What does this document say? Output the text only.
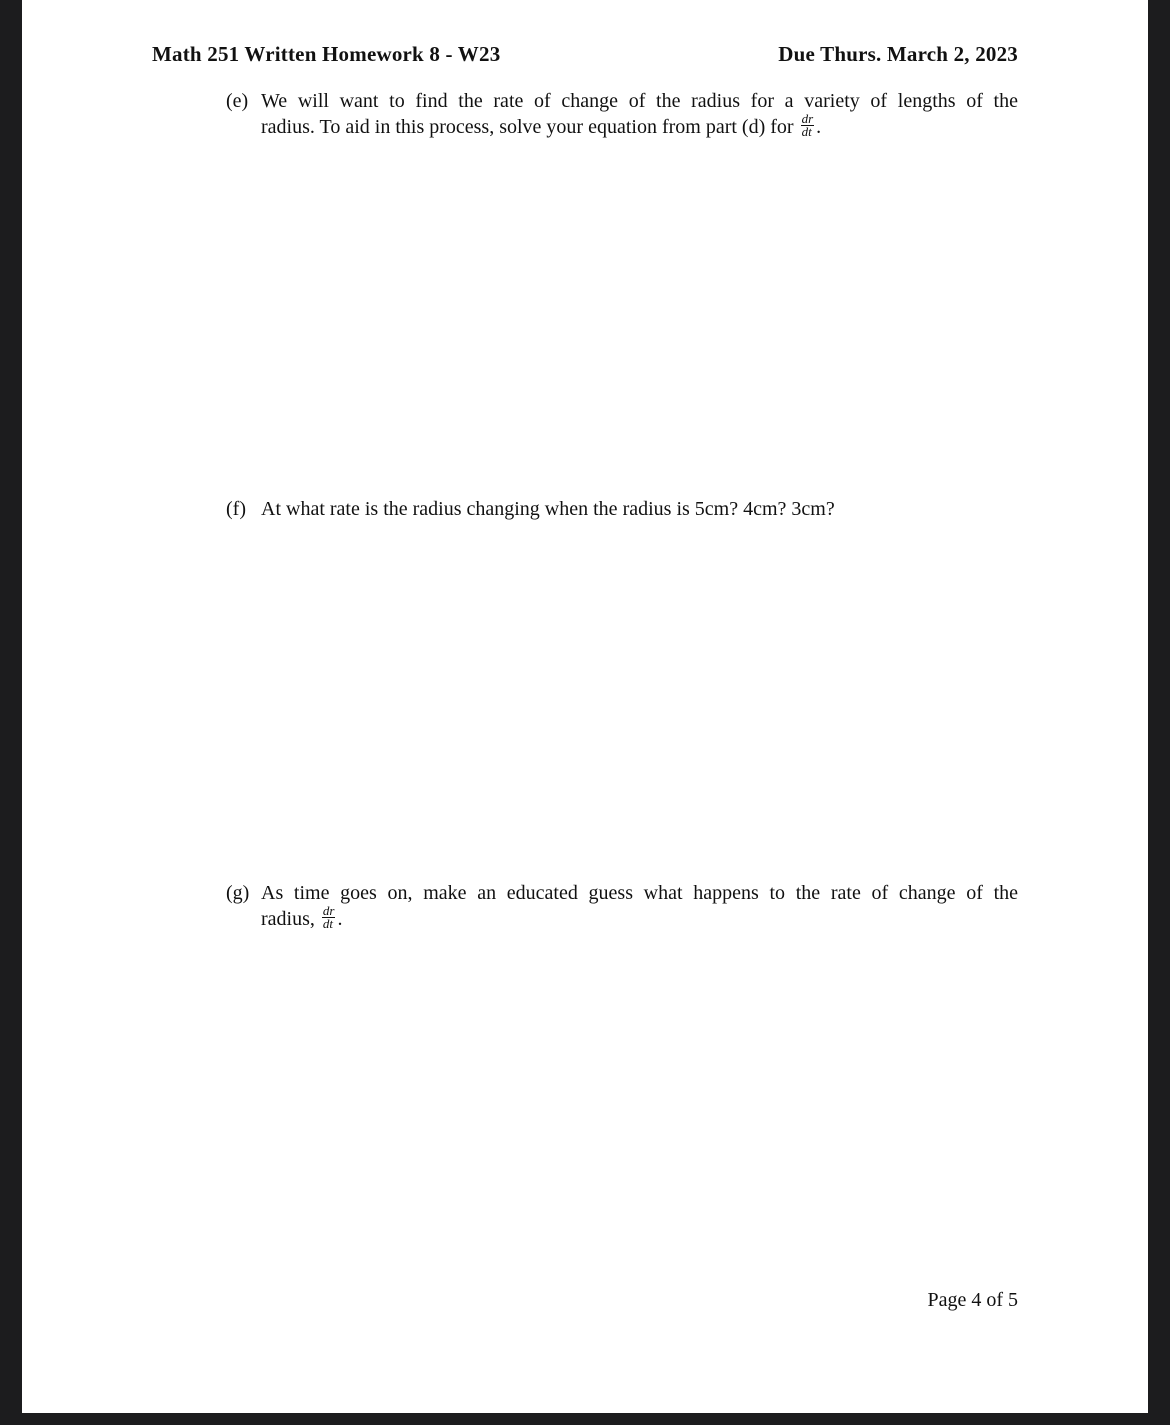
Math 251 Written Homework 8 - W23	Due Thurs. March 2, 2023
(e) We will want to find the rate of change of the radius for a variety of lengths of the
radius. To aid in this process, solve your equation from part (d) for $\frac{dr}{dt}$ .
(f) At what rate is the radius changing when the radius is 5cm? 4cm? 3cm?
(g) As time goes on, make an educated guess what happens to the rate of change of the
radius, $\frac{dr}{dt}$ .
Page 4 of 5
